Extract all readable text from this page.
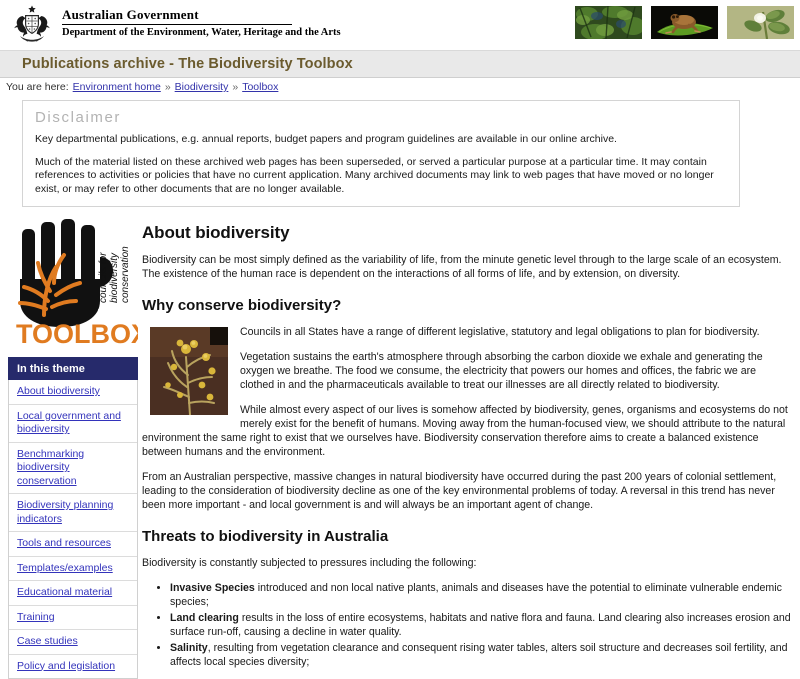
Australian Government
Department of the Environment, Water, Heritage and the Arts
Publications archive - The Biodiversity Toolbox
You are here: Environment home » Biodiversity » Toolbox
Disclaimer

Key departmental publications, e.g. annual reports, budget papers and program guidelines are available in our online archive.

Much of the material listed on these archived web pages has been superseded, or served a particular purpose at a particular time. It may contain references to activities or policies that have no current application. Many archived documents may link to web pages that have moved or no longer exist, or may refer to other documents that are no longer available.

councils for biodiversity conservation
THE
TOOLBOX
In this theme
About biodiversity
Local government and biodiversity
Benchmarking biodiversity conservation
Biodiversity planning indicators
Tools and resources
Templates/examples
Educational material
Training
Case studies
Policy and legislation
About biodiversity

Biodiversity can be most simply defined as the variability of life, from the minute genetic level through to the large scale of an ecosystem. The existence of the human race is dependent on the interactions of all forms of life, and by extension, on diversity.

Why conserve biodiversity?

Councils in all States have a range of different legislative, statutory and legal obligations to plan for biodiversity.

Vegetation sustains the earth's atmosphere through absorbing the carbon dioxide we exhale and generating the oxygen we breathe. The food we consume, the electricity that powers our homes and offices, the fabric we are clothed in and the pharmaceuticals available to treat our illnesses are all directly related to biodiversity.

While almost every aspect of our lives is somehow affected by biodiversity, genes, organisms and ecosystems do not merely exist for the benefit of humans. Moving away from the human-focused view, we should attribute to the natural environment the same right to exist that we ourselves have. Biodiversity conservation therefore aims to create a balanced existence between humans and the environment.

From an Australian perspective, massive changes in natural biodiversity have occurred during the past 200 years of colonial settlement, leading to the consideration of biodiversity decline as one of the key environmental problems of today. A reversal in this trend has never been more important - and local government is and will always be an important agent of change.

Threats to biodiversity in Australia

Biodiversity is constantly subjected to pressures including the following:

• Invasive Species introduced and non local native plants, animals and diseases have the potential to eliminate vulnerable endemic species;
• Land clearing results in the loss of entire ecosystems, habitats and native flora and fauna. Land clearing also increases erosion and surface run-off, causing a decline in water quality.
• Salinity, resulting from vegetation clearance and consequent rising water tables, alters soil structure and decreases soil fertility, and affects local species diversity;
